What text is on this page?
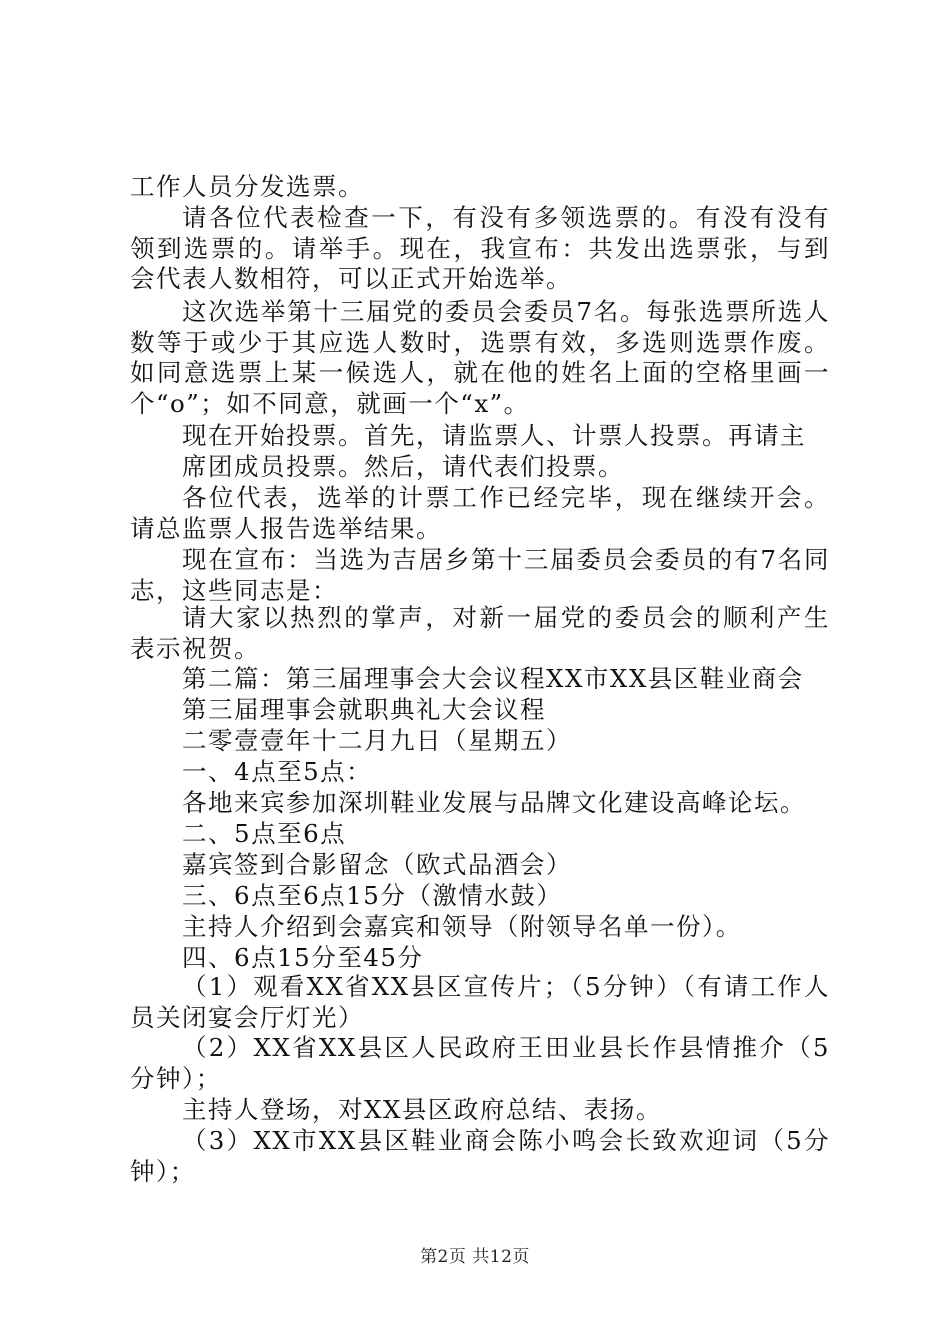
工作人员分发选票。

请各位代表检查一下，有没有多领选票的。有没有没有领到选票的。请举手。现在，我宣布：共发出选票张，与到会代表人数相符，可以正式开始选举。

这次选举第十三届党的委员会委员7名。每张选票所选人数等于或少于其应选人数时，选票有效，多选则选票作废。如同意选票上某一候选人，就在他的姓名上面的空格里画一个“o”；如不同意，就画一个“x”。

现在开始投票。首先，请监票人、计票人投票。再请主

席团成员投票。然后，请代表们投票。

各位代表，选举的计票工作已经完毕，现在继续开会。请总监票人报告选举结果。

现在宣布：当选为吉居乡第十三届委员会委员的有7名同志，这些同志是：

请大家以热烈的掌声，对新一届党的委员会的顺利产生表示祝贺。

第二篇：第三届理事会大会议程XX市XX县区鞋业商会

第三届理事会就职典礼大会议程

二零壹壹年十二月九日（星期五）

一、4点至5点：

各地来宾参加深圳鞋业发展与品牌文化建设高峰论坛。

二、5点至6点

嘉宾签到合影留念（欧式品酒会）

三、6点至6点15分（激情水鼓）

主持人介绍到会嘉宾和领导（附领导名单一份）。

四、6点15分至45分

（1）观看XX省XX县区宣传片；（5分钟）（有请工作人员关闭宴会厅灯光）

（2）XX省XX县区人民政府王田业县长作县情推介（5分钟）；

主持人登场，对XX县区政府总结、表扬。

（3）XX市XX县区鞋业商会陈小鸣会长致欢迎词（5分钟）；

第2页 共12页
